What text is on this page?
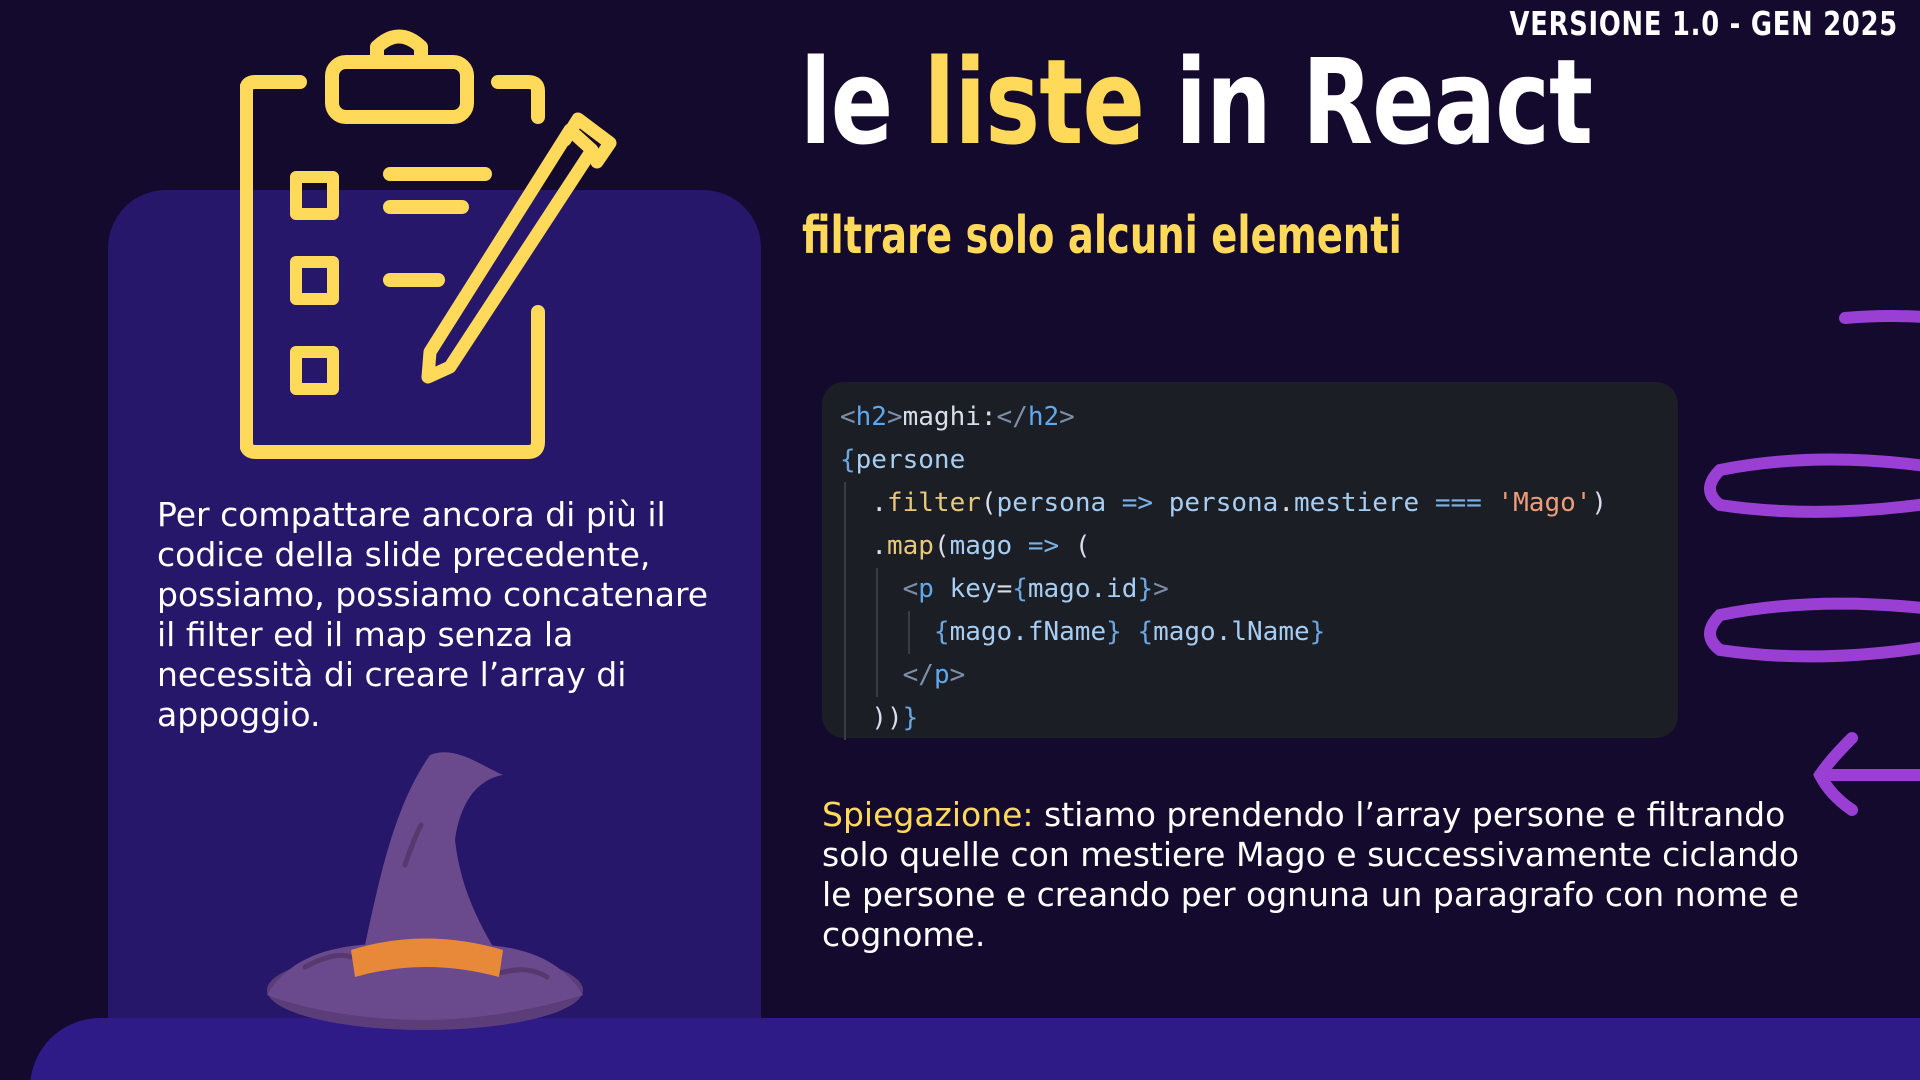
VERSIONE 1.0 - GEN 2025
le liste in React
filtrare solo alcuni elementi

Per compattare ancora di più il codice della slide precedente, possiamo, possiamo concatenare il filter ed il map senza la necessità di creare l’array di appoggio.

<h2>maghi:</h2>
{persone
.filter(persona => persona.mestiere === 'Mago')
.map(mago => (
<p key={mago.id}>
{mago.fName} {mago.lName}
</p>
))}

Spiegazione: stiamo prendendo l’array persone e filtrando solo quelle con mestiere Mago e successivamente ciclando le persone e creando per ognuna un paragrafo con nome e cognome.
